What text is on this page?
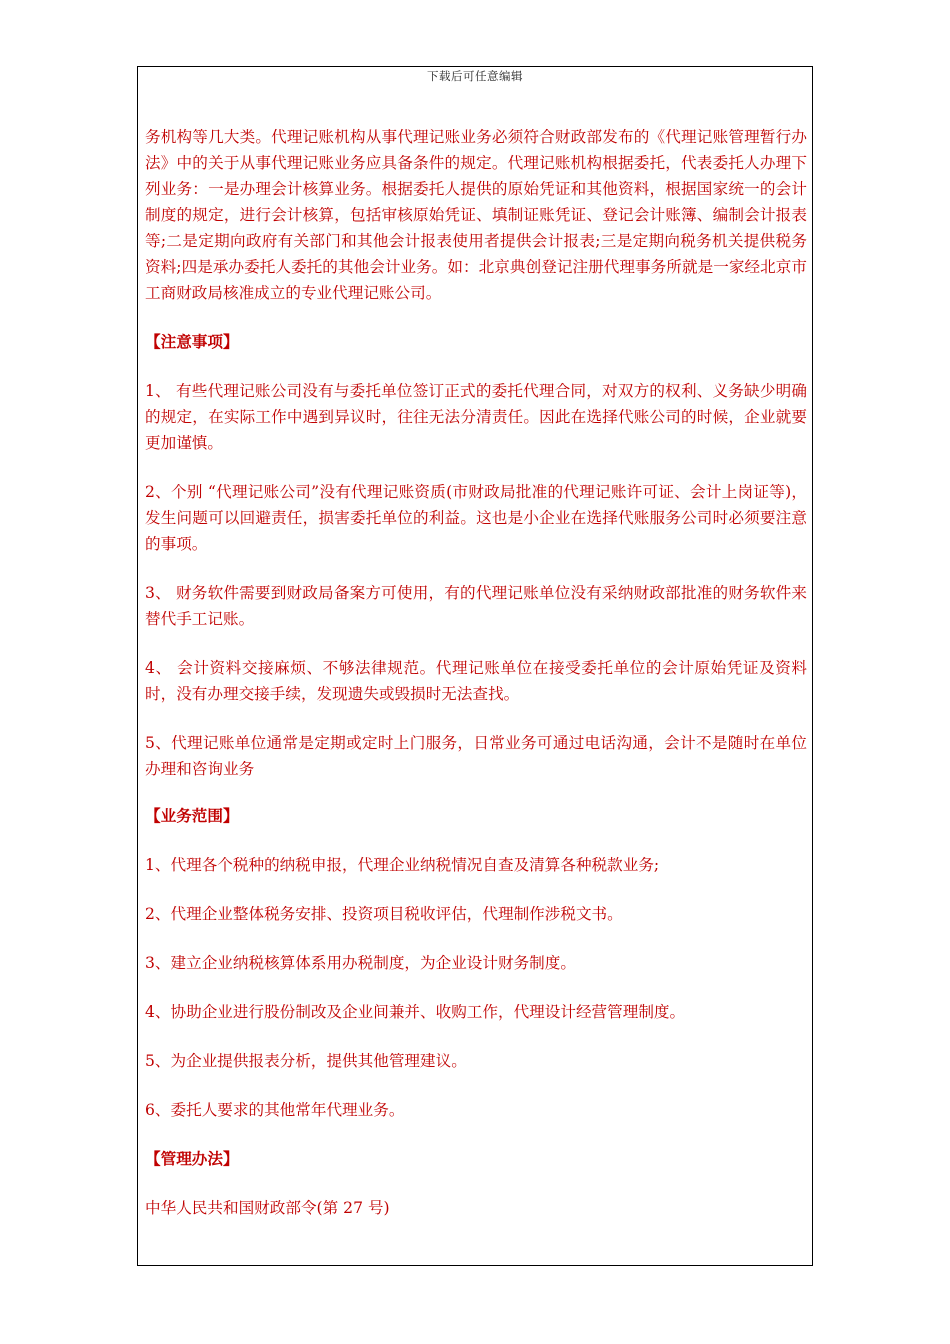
下载后可任意编辑

务机构等几大类。代理记账机构从事代理记账业务必须符合财政部发布的《代理记账管理暂行办法》中的关于从事代理记账业务应具备条件的规定。代理记账机构根据委托，代表委托人办理下列业务：一是办理会计核算业务。根据委托人提供的原始凭证和其他资料，根据国家统一的会计制度的规定，进行会计核算，包括审核原始凭证、填制证账凭证、登记会计账簿、编制会计报表等;二是定期向政府有关部门和其他会计报表使用者提供会计报表;三是定期向税务机关提供税务资料;四是承办委托人委托的其他会计业务。如：北京典创登记注册代理事务所就是一家经北京市工商财政局核准成立的专业代理记账公司。

【注意事项】

1、 有些代理记账公司没有与委托单位签订正式的委托代理合同，对双方的权利、义务缺少明确的规定，在实际工作中遇到异议时，往往无法分清责任。因此在选择代账公司的时候，企业就要更加谨慎。

2、个别 “代理记账公司”没有代理记账资质(市财政局批准的代理记账许可证、会计上岗证等)，发生问题可以回避责任，损害委托单位的利益。这也是小企业在选择代账服务公司时必须要注意的事项。

3、 财务软件需要到财政局备案方可使用，有的代理记账单位没有采纳财政部批准的财务软件来替代手工记账。

4、 会计资料交接麻烦、不够法律规范。代理记账单位在接受委托单位的会计原始凭证及资料时，没有办理交接手续，发现遗失或毁损时无法查找。

5、代理记账单位通常是定期或定时上门服务，日常业务可通过电话沟通，会计不是随时在单位办理和咨询业务

【业务范围】

1、代理各个税种的纳税申报，代理企业纳税情况自查及清算各种税款业务;

2、代理企业整体税务安排、投资项目税收评估，代理制作涉税文书。

3、建立企业纳税核算体系用办税制度，为企业设计财务制度。

4、协助企业进行股份制改及企业间兼并、收购工作，代理设计经营管理制度。

5、为企业提供报表分析，提供其他管理建议。

6、委托人要求的其他常年代理业务。

【管理办法】

中华人民共和国财政部令(第 27 号)
